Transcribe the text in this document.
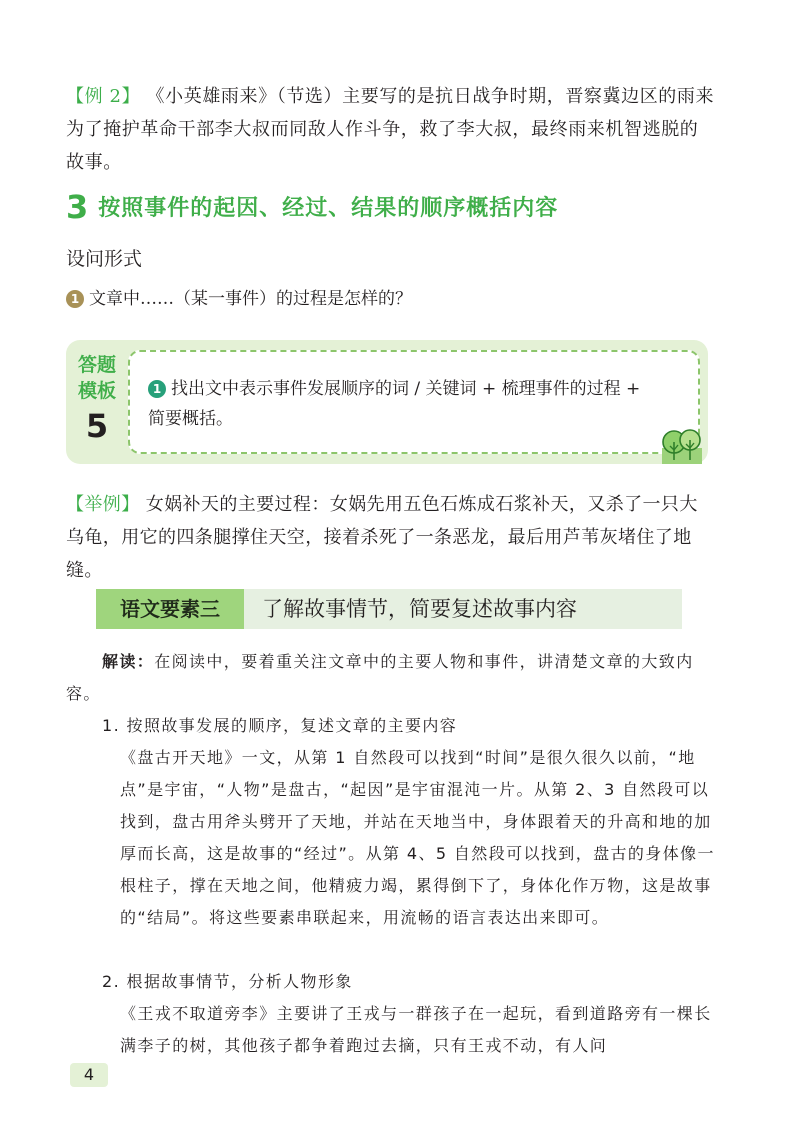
【例 2】 《小英雄雨来》（节选）主要写的是抗日战争时期，晋察冀边区的雨来为了掩护革命干部李大叔而同敌人作斗争，救了李大叔，最终雨来机智逃脱的故事。
3 按照事件的起因、经过、结果的顺序概括内容
设问形式
1 文章中……（某一事件）的过程是怎样的？
答题
模板
5
1 找出文中表示事件发展顺序的词 / 关键词 + 梳理事件的过程 + 简要概括。
【举例】 女娲补天的主要过程：女娲先用五色石炼成石浆补天，又杀了一只大乌龟，用它的四条腿撑住天空，接着杀死了一条恶龙，最后用芦苇灰堵住了地缝。
语文要素三	了解故事情节，简要复述故事内容
解读：在阅读中，要着重关注文章中的主要人物和事件，讲清楚文章的大致内容。
1. 按照故事发展的顺序，复述文章的主要内容
《盘古开天地》一文，从第 1 自然段可以找到“时间”是很久很久以前，“地点”是宇宙，“人物”是盘古，“起因”是宇宙混沌一片。从第 2、3 自然段可以找到，盘古用斧头劈开了天地，并站在天地当中，身体跟着天的升高和地的加厚而长高，这是故事的“经过”。从第 4、5 自然段可以找到，盘古的身体像一根柱子，撑在天地之间，他精疲力竭，累得倒下了，身体化作万物，这是故事的“结局”。将这些要素串联起来，用流畅的语言表达出来即可。
2. 根据故事情节，分析人物形象
《王戎不取道旁李》主要讲了王戎与一群孩子在一起玩，看到道路旁有一棵长满李子的树，其他孩子都争着跑过去摘，只有王戎不动，有人问
4
